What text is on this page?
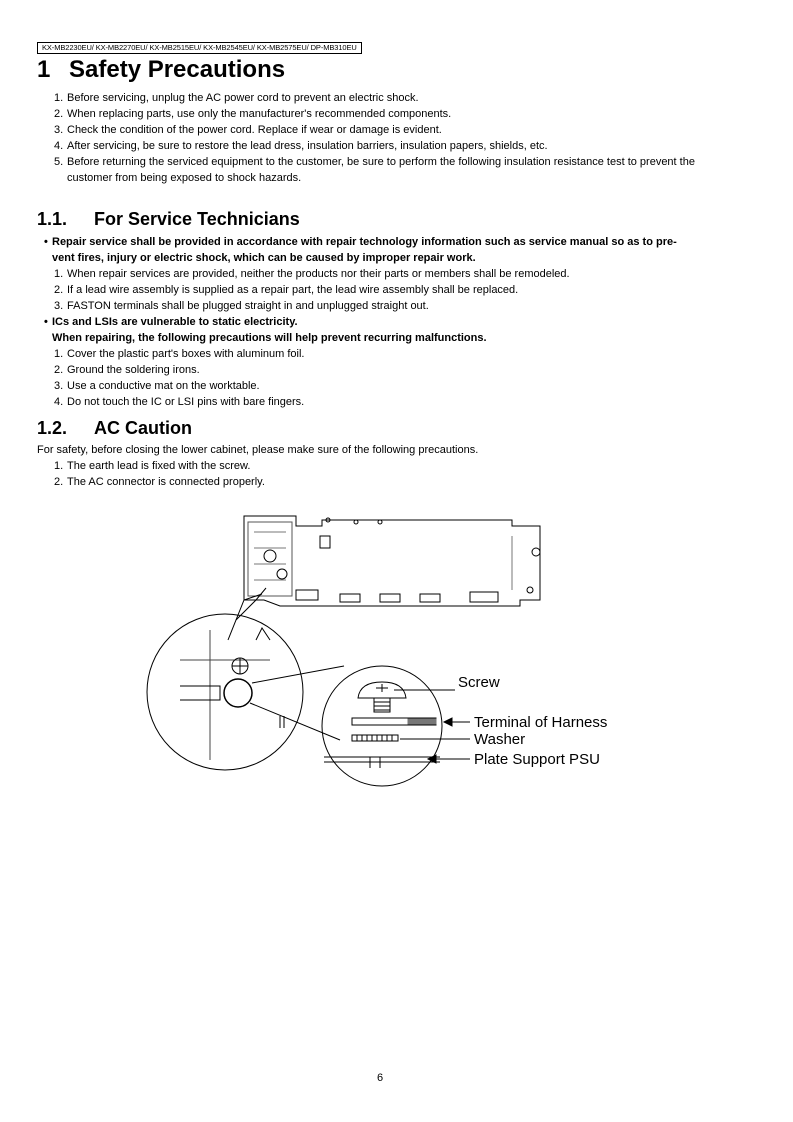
KX-MB2230EU/ KX-MB2270EU/ KX-MB2515EU/ KX-MB2545EU/ KX-MB2575EU/ DP-MB310EU
1 Safety Precautions
1. Before servicing, unplug the AC power cord to prevent an electric shock.
2. When replacing parts, use only the manufacturer's recommended components.
3. Check the condition of the power cord. Replace if wear or damage is evident.
4. After servicing, be sure to restore the lead dress, insulation barriers, insulation papers, shields, etc.
5. Before returning the serviced equipment to the customer, be sure to perform the following insulation resistance test to prevent the customer from being exposed to shock hazards.
1.1. For Service Technicians
• Repair service shall be provided in accordance with repair technology information such as service manual so as to pre-
vent fires, injury or electric shock, which can be caused by improper repair work.
1. When repair services are provided, neither the products nor their parts or members shall be remodeled.
2. If a lead wire assembly is supplied as a repair part, the lead wire assembly shall be replaced.
3. FASTON terminals shall be plugged straight in and unplugged straight out.
• ICs and LSIs are vulnerable to static electricity.
When repairing, the following precautions will help prevent recurring malfunctions.
1. Cover the plastic part's boxes with aluminum foil.
2. Ground the soldering irons.
3. Use a conductive mat on the worktable.
4. Do not touch the IC or LSI pins with bare fingers.
1.2. AC Caution
For safety, before closing the lower cabinet, please make sure of the following precautions.
1. The earth lead is fixed with the screw.
2. The AC connector is connected properly.
Screw
Terminal of Harness
Washer
Plate Support PSU
6
